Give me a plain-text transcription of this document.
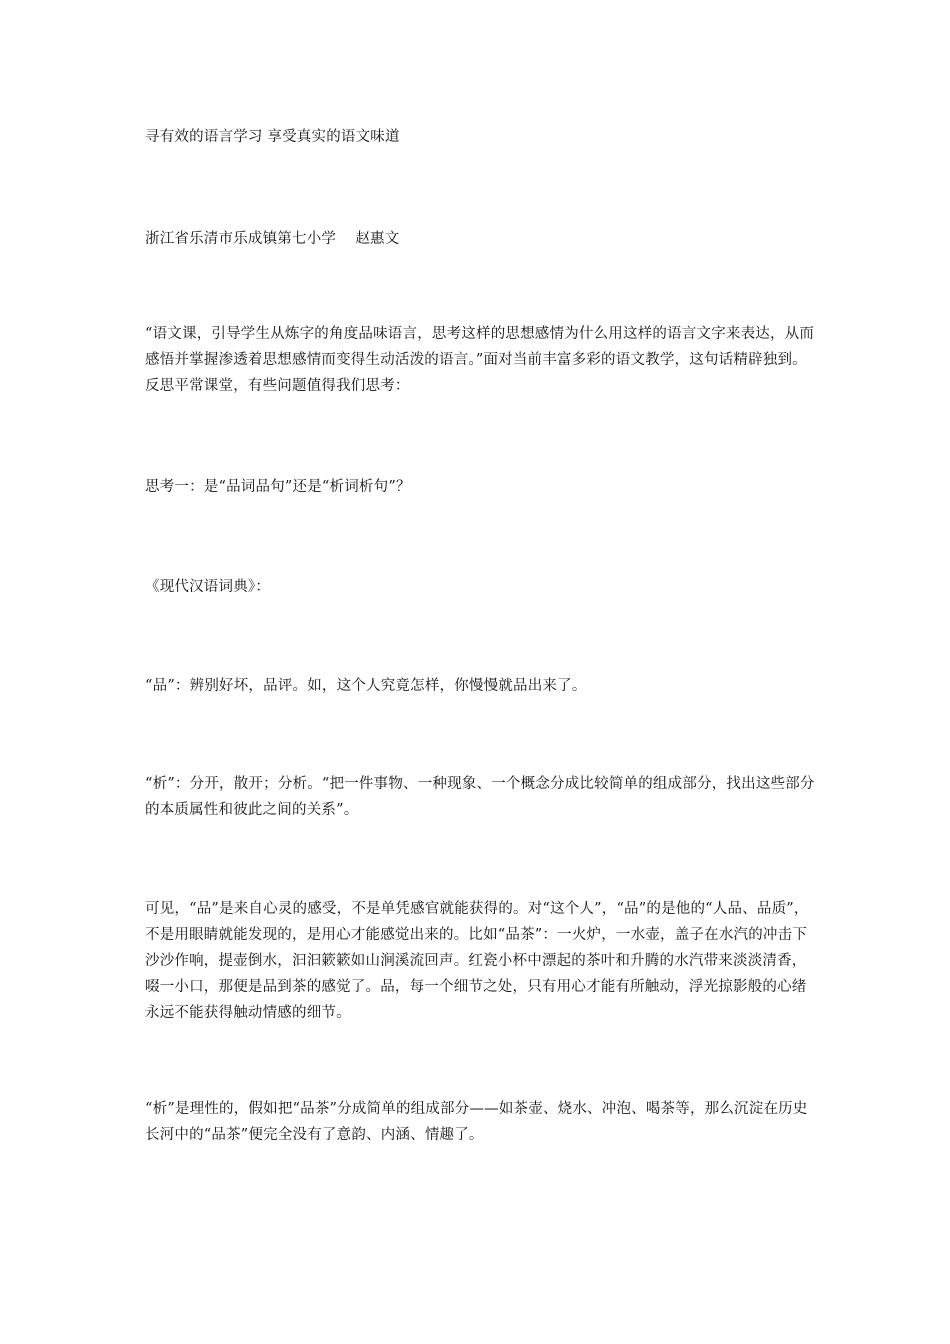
寻有效的语言学习 享受真实的语文味道

浙江省乐清市乐成镇第七小学    赵惠文

“语文课，引导学生从炼字的角度品味语言，思考这样的思想感情为什么用这样的语言文字来表达，从而感悟并掌握渗透着思想感情而变得生动活泼的语言。”面对当前丰富多彩的语文教学，这句话精辟独到。反思平常课堂，有些问题值得我们思考：

思考一：是“品词品句”还是“析词析句”？

《现代汉语词典》：

“品”：辨别好坏，品评。如，这个人究竟怎样，你慢慢就品出来了。

“析”：分开，散开；分析。“把一件事物、一种现象、一个概念分成比较简单的组成部分，找出这些部分的本质属性和彼此之间的关系”。

可见，“品”是来自心灵的感受，不是单凭感官就能获得的。对“这个人”，“品”的是他的“人品、品质”，不是用眼睛就能发现的，是用心才能感觉出来的。比如“品茶”：一火炉，一水壶，盖子在水汽的冲击下沙沙作响，提壶倒水，汩汩簌簌如山涧溪流回声。红瓷小杯中漂起的茶叶和升腾的水汽带来淡淡清香，啜一小口，那便是品到茶的感觉了。品，每一个细节之处，只有用心才能有所触动，浮光掠影般的心绪永远不能获得触动情感的细节。

“析”是理性的，假如把“品茶”分成简单的组成部分——如茶壶、烧水、冲泡、喝茶等，那么沉淀在历史长河中的“品茶”便完全没有了意韵、内涵、情趣了。
